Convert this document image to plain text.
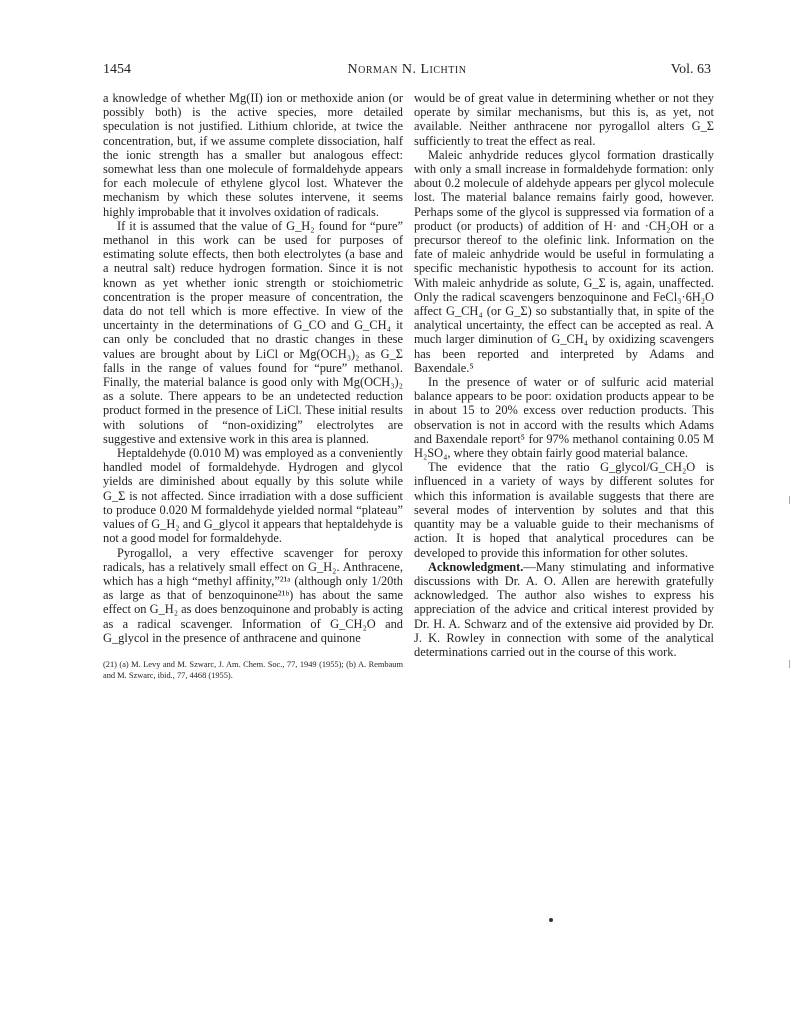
1454	Norman N. Lichtin	Vol. 63

a knowledge of whether Mg(II) ion or methoxide anion (or possibly both) is the active species, more detailed speculation is not justified. Lithium chloride, at twice the concentration, but, if we assume complete dissociation, half the ionic strength has a smaller but analogous effect: somewhat less than one molecule of formaldehyde appears for each molecule of ethylene glycol lost. Whatever the mechanism by which these solutes intervene, it seems highly improbable that it involves oxidation of radicals.

If it is assumed that the value of G_H₂ found for “pure” methanol in this work can be used for purposes of estimating solute effects, then both electrolytes (a base and a neutral salt) reduce hydrogen formation. Since it is not known as yet whether ionic strength or stoichiometric concentration is the proper measure of concentration, the data do not tell which is more effective. In view of the uncertainty in the determinations of G_CO and G_CH₄ it can only be concluded that no drastic changes in these values are brought about by LiCl or Mg(OCH₃)₂ as G_Σ falls in the range of values found for “pure” methanol. Finally, the material balance is good only with Mg(OCH₃)₂ as a solute. There appears to be an undetected reduction product formed in the presence of LiCl. These initial results with solutions of “non-oxidizing” electrolytes are suggestive and extensive work in this area is planned.

Heptaldehyde (0.010 M) was employed as a conveniently handled model of formaldehyde. Hydrogen and glycol yields are diminished about equally by this solute while G_Σ is not affected. Since irradiation with a dose sufficient to produce 0.020 M formaldehyde yielded normal “plateau” values of G_H₂ and G_glycol it appears that heptaldehyde is not a good model for formaldehyde.

Pyrogallol, a very effective scavenger for peroxy radicals, has a relatively small effect on G_H₂. Anthracene, which has a high “methyl affinity,”²¹ᵃ (although only 1/20th as large as that of benzoquinone²¹ᵇ) has about the same effect on G_H₂ as does benzoquinone and probably is acting as a radical scavenger. Information of G_CH₂O and G_glycol in the presence of anthracene and quinone

(21) (a) M. Levy and M. Szwarc, J. Am. Chem. Soc., 77, 1949 (1955); (b) A. Rembaum and M. Szwarc, ibid., 77, 4468 (1955).

would be of great value in determining whether or not they operate by similar mechanisms, but this is, as yet, not available. Neither anthracene nor pyrogallol alters G_Σ sufficiently to treat the effect as real.

Maleic anhydride reduces glycol formation drastically with only a small increase in formaldehyde formation: only about 0.2 molecule of aldehyde appears per glycol molecule lost. The material balance remains fairly good, however. Perhaps some of the glycol is suppressed via formation of a product (or products) of addition of H· and ·CH₂OH or a precursor thereof to the olefinic link. Information on the fate of maleic anhydride would be useful in formulating a specific mechanistic hypothesis to account for its action. With maleic anhydride as solute, G_Σ is, again, unaffected. Only the radical scavengers benzoquinone and FeCl₃·6H₂O affect G_CH₄ (or G_Σ) so substantially that, in spite of the analytical uncertainty, the effect can be accepted as real. A much larger diminution of G_CH₄ by oxidizing scavengers has been reported and interpreted by Adams and Baxendale.⁵

In the presence of water or of sulfuric acid material balance appears to be poor: oxidation products appear to be in about 15 to 20% excess over reduction products. This observation is not in accord with the results which Adams and Baxendale report⁵ for 97% methanol containing 0.05 M H₂SO₄, where they obtain fairly good material balance.

The evidence that the ratio G_glycol/G_CH₂O is influenced in a variety of ways by different solutes for which this information is available suggests that there are several modes of intervention by solutes and that this quantity may be a valuable guide to their mechanisms of action. It is hoped that analytical procedures can be developed to provide this information for other solutes.

Acknowledgment.—Many stimulating and informative discussions with Dr. A. O. Allen are herewith gratefully acknowledged. The author also wishes to express his appreciation of the advice and critical interest provided by Dr. H. A. Schwarz and of the extensive aid provided by Dr. J. K. Rowley in connection with some of the analytical determinations carried out in the course of this work.
